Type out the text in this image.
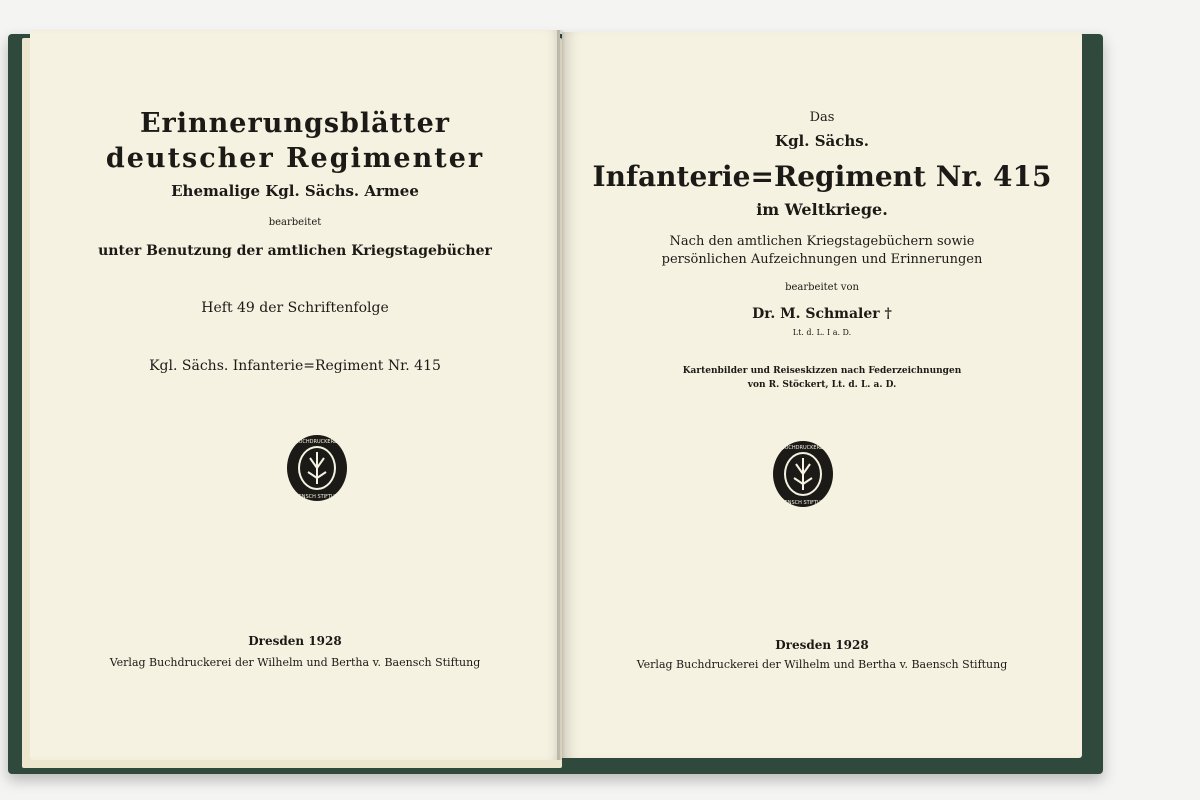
Erinnerungsblätter
deutscher Regimenter
Ehemalige Kgl. Sächs. Armee
bearbeitet
unter Benutzung der amtlichen Kriegstagebücher
Heft 49 der Schriftenfolge
Kgl. Sächs. Infanterie=Regiment Nr. 415
BUCHDRUCKEREI
BAENSCH STIFTUNG
Dresden 1928
Verlag Buchdruckerei der Wilhelm und Bertha v. Baensch Stiftung
Das
Kgl. Sächs.
Infanterie=Regiment Nr. 415
im Weltkriege.
Nach den amtlichen Kriegstagebüchern sowie
persönlichen Aufzeichnungen und Erinnerungen
bearbeitet von
Dr. M. Schmaler †
Lt. d. L. I a. D.
Kartenbilder und Reiseskizzen nach Federzeichnungen
von R. Stöckert, Lt. d. L. a. D.
BUCHDRUCKEREI
BAENSCH STIFTUNG
Dresden 1928
Verlag Buchdruckerei der Wilhelm und Bertha v. Baensch Stiftung
